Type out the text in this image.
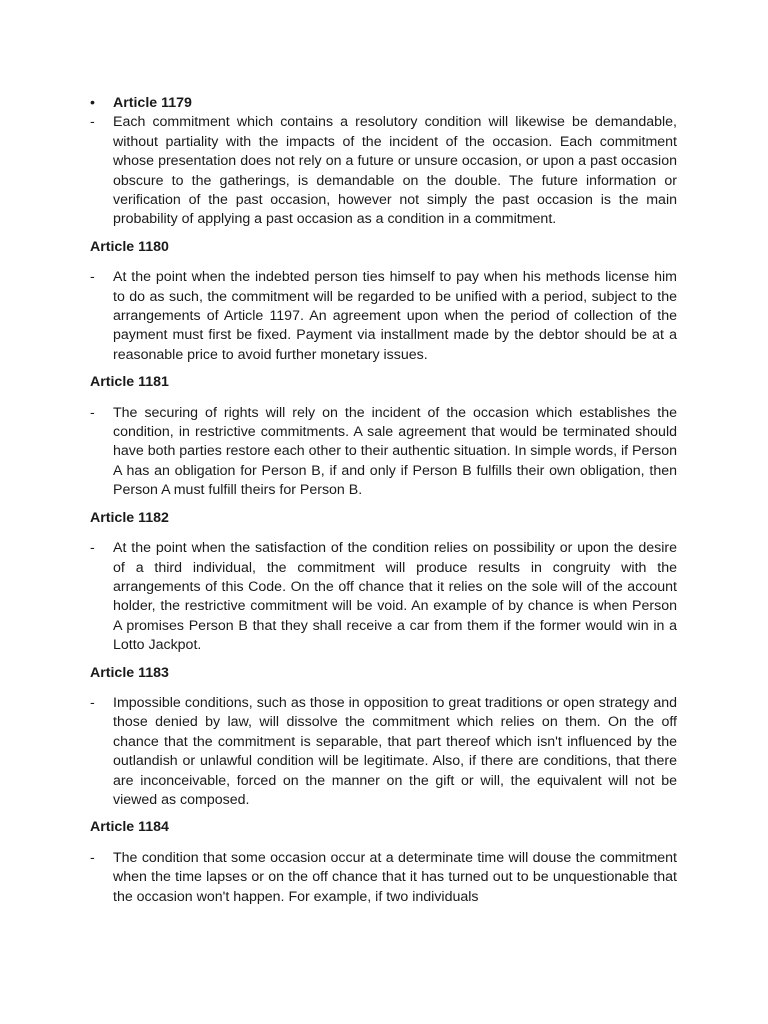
• Article 1179

- Each commitment which contains a resolutory condition will likewise be demandable, without partiality with the impacts of the incident of the occasion. Each commitment whose presentation does not rely on a future or unsure occasion, or upon a past occasion obscure to the gatherings, is demandable on the double. The future information or verification of the past occasion, however not simply the past occasion is the main probability of applying a past occasion as a condition in a commitment.

Article 1180

- At the point when the indebted person ties himself to pay when his methods license him to do as such, the commitment will be regarded to be unified with a period, subject to the arrangements of Article 1197. An agreement upon when the period of collection of the payment must first be fixed. Payment via installment made by the debtor should be at a reasonable price to avoid further monetary issues.

Article 1181

- The securing of rights will rely on the incident of the occasion which establishes the condition, in restrictive commitments. A sale agreement that would be terminated should have both parties restore each other to their authentic situation. In simple words, if Person A has an obligation for Person B, if and only if Person B fulfills their own obligation, then Person A must fulfill theirs for Person B.

Article 1182

- At the point when the satisfaction of the condition relies on possibility or upon the desire of a third individual, the commitment will produce results in congruity with the arrangements of this Code. On the off chance that it relies on the sole will of the account holder, the restrictive commitment will be void. An example of by chance is when Person A promises Person B that they shall receive a car from them if the former would win in a Lotto Jackpot.

Article 1183

- Impossible conditions, such as those in opposition to great traditions or open strategy and those denied by law, will dissolve the commitment which relies on them. On the off chance that the commitment is separable, that part thereof which isn't influenced by the outlandish or unlawful condition will be legitimate. Also, if there are conditions, that there are inconceivable, forced on the manner on the gift or will, the equivalent will not be viewed as composed.

Article 1184

- The condition that some occasion occur at a determinate time will douse the commitment when the time lapses or on the off chance that it has turned out to be unquestionable that the occasion won't happen. For example, if two individuals
